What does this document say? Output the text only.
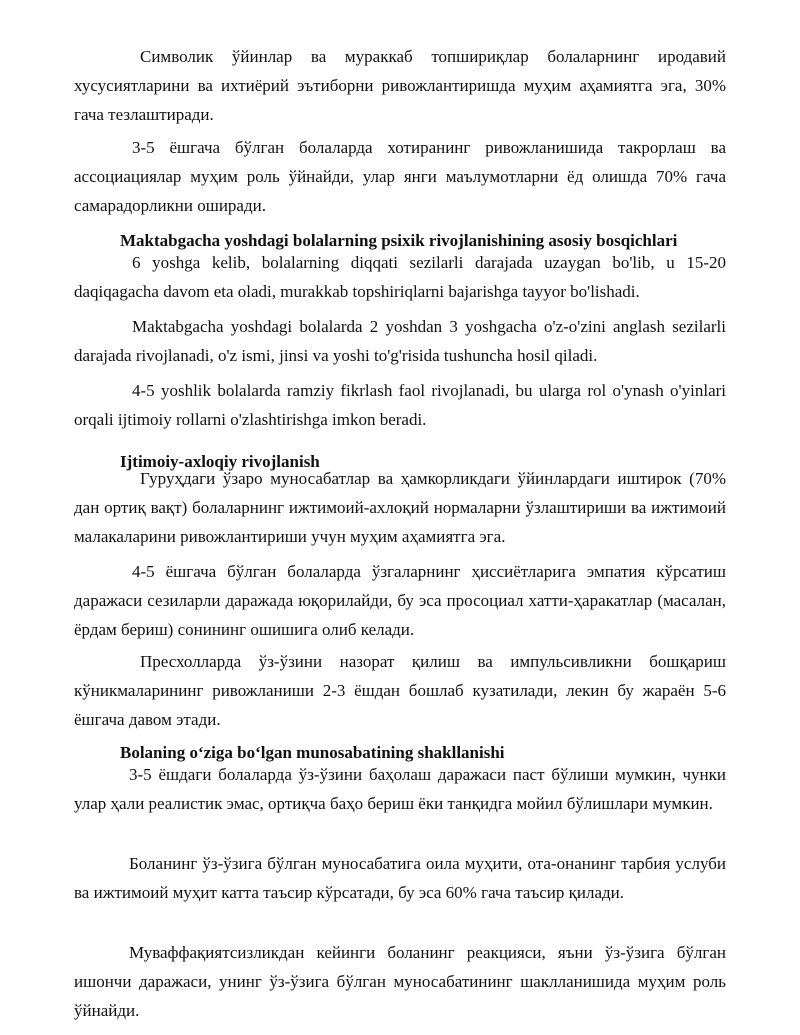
Символик ўйинлар ва мураккаб топшириқлар болаларнинг иродавий хусусиятларини ва ихтиёрий эътиборни ривожлантиришда муҳим аҳамиятга эга, 30% гача тезлаштиради.
3-5 ёшгача бўлган болаларда хотиранинг ривожланишида такрорлаш ва ассоциациялар муҳим роль ўйнайди, улар янги маълумотларни ёд олишда 70% гача самарадорликни оширади.
Maktabgacha yoshdagi bolalarning psixik rivojlanishining asosiy bosqichlari
6 yoshga kelib, bolalarning diqqati sezilarli darajada uzaygan bo'lib, u 15-20 daqiqagacha davom eta oladi, murakkab topshiriqlarni bajarishga tayyor bo'lishadi.
Maktabgacha yoshdagi bolalarda 2 yoshdan 3 yoshgacha o'z-o'zini anglash sezilarli darajada rivojlanadi, o'z ismi, jinsi va yoshi to'g'risida tushuncha hosil qiladi.
4-5 yoshlik bolalarda ramziy fikrlash faol rivojlanadi, bu ularga rol o'ynash o'yinlari orqali ijtimoiy rollarni o'zlashtirishga imkon beradi.
Ijtimoiy-axloqiy rivojlanish
Гуруҳдаги ўзаро муносабатлар ва ҳамкорликдаги ўйинлардаги иштирок (70% дан ортиқ вақт) болаларнинг ижтимоий-ахлоқий нормаларни ўзлаштириши ва ижтимоий малакаларини ривожлантириши учун муҳим аҳамиятга эга.
4-5 ёшгача бўлган болаларда ўзгаларнинг ҳиссиётларига эмпатия кўрсатиш даражаси сезиларли даражада юқорилайди, бу эса просоциал хатти-ҳаракатлар (масалан, ёрдам бериш) сонининг ошишига олиб келади.
Пресхолларда ўз-ўзини назорат қилиш ва импульсивликни бошқариш кўникмаларининг ривожланиши 2-3 ёшдан бошлаб кузатилади, лекин бу жараён 5-6 ёшгача давом этади.
Bolaning o‘ziga bo‘lgan munosabatining shakllanishi
3-5 ёшдаги болаларда ўз-ўзини баҳолаш даражаси паст бўлиши мумкин, чунки улар ҳали реалистик эмас, ортиқча баҳо бериш ёки танқидга мойил бўлишлари мумкин.
Боланинг ўз-ўзига бўлган муносабатига оила муҳити, ота-онанинг тарбия услуби ва ижтимоий муҳит катта таъсир кўрсатади, бу эса 60% гача таъсир қилади.
Муваффақиятсизликдан кейинги боланинг реакцияси, яъни ўз-ўзига бўлган ишончи даражаси, унинг ўз-ўзига бўлган муносабатининг шаклланишида муҳим роль ўйнайди.
